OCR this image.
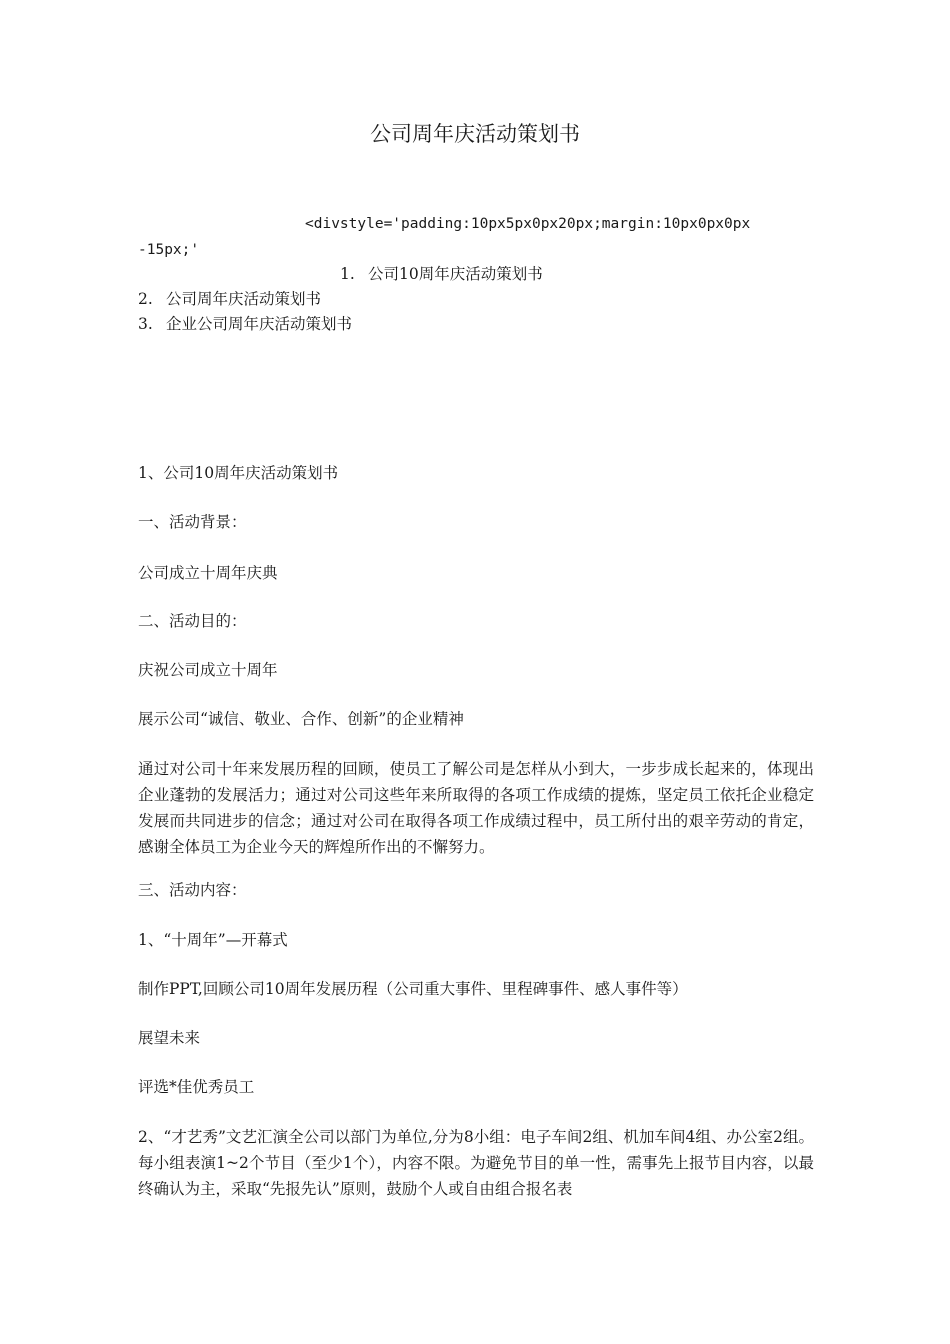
公司周年庆活动策划书

<divstyle='padding:10px5px0px20px;margin:10px0px0px

-15px;'

1. 公司10周年庆活动策划书
2. 公司周年庆活动策划书
3. 企业公司周年庆活动策划书

1、公司10周年庆活动策划书

一、活动背景：

公司成立十周年庆典

二、活动目的：

庆祝公司成立十周年

展示公司“诚信、敬业、合作、创新”的企业精神

通过对公司十年来发展历程的回顾，使员工了解公司是怎样从小到大，一步步成长起来的，体现出企业蓬勃的发展活力；通过对公司这些年来所取得的各项工作成绩的提炼，坚定员工依托企业稳定发展而共同进步的信念；通过对公司在取得各项工作成绩过程中，员工所付出的艰辛劳动的肯定，感谢全体员工为企业今天的辉煌所作出的不懈努力。

三、活动内容：

1、“十周年”—开幕式

制作PPT,回顾公司10周年发展历程（公司重大事件、里程碑事件、感人事件等）

展望未来

评选*佳优秀员工

2、“才艺秀”文艺汇演全公司以部门为单位,分为8小组：电子车间2组、机加车间4组、办公室2组。每小组表演1~2个节目（至少1个），内容不限。为避免节目的单一性，需事先上报节目内容，以最终确认为主，采取“先报先认”原则，鼓励个人或自由组合报名表
